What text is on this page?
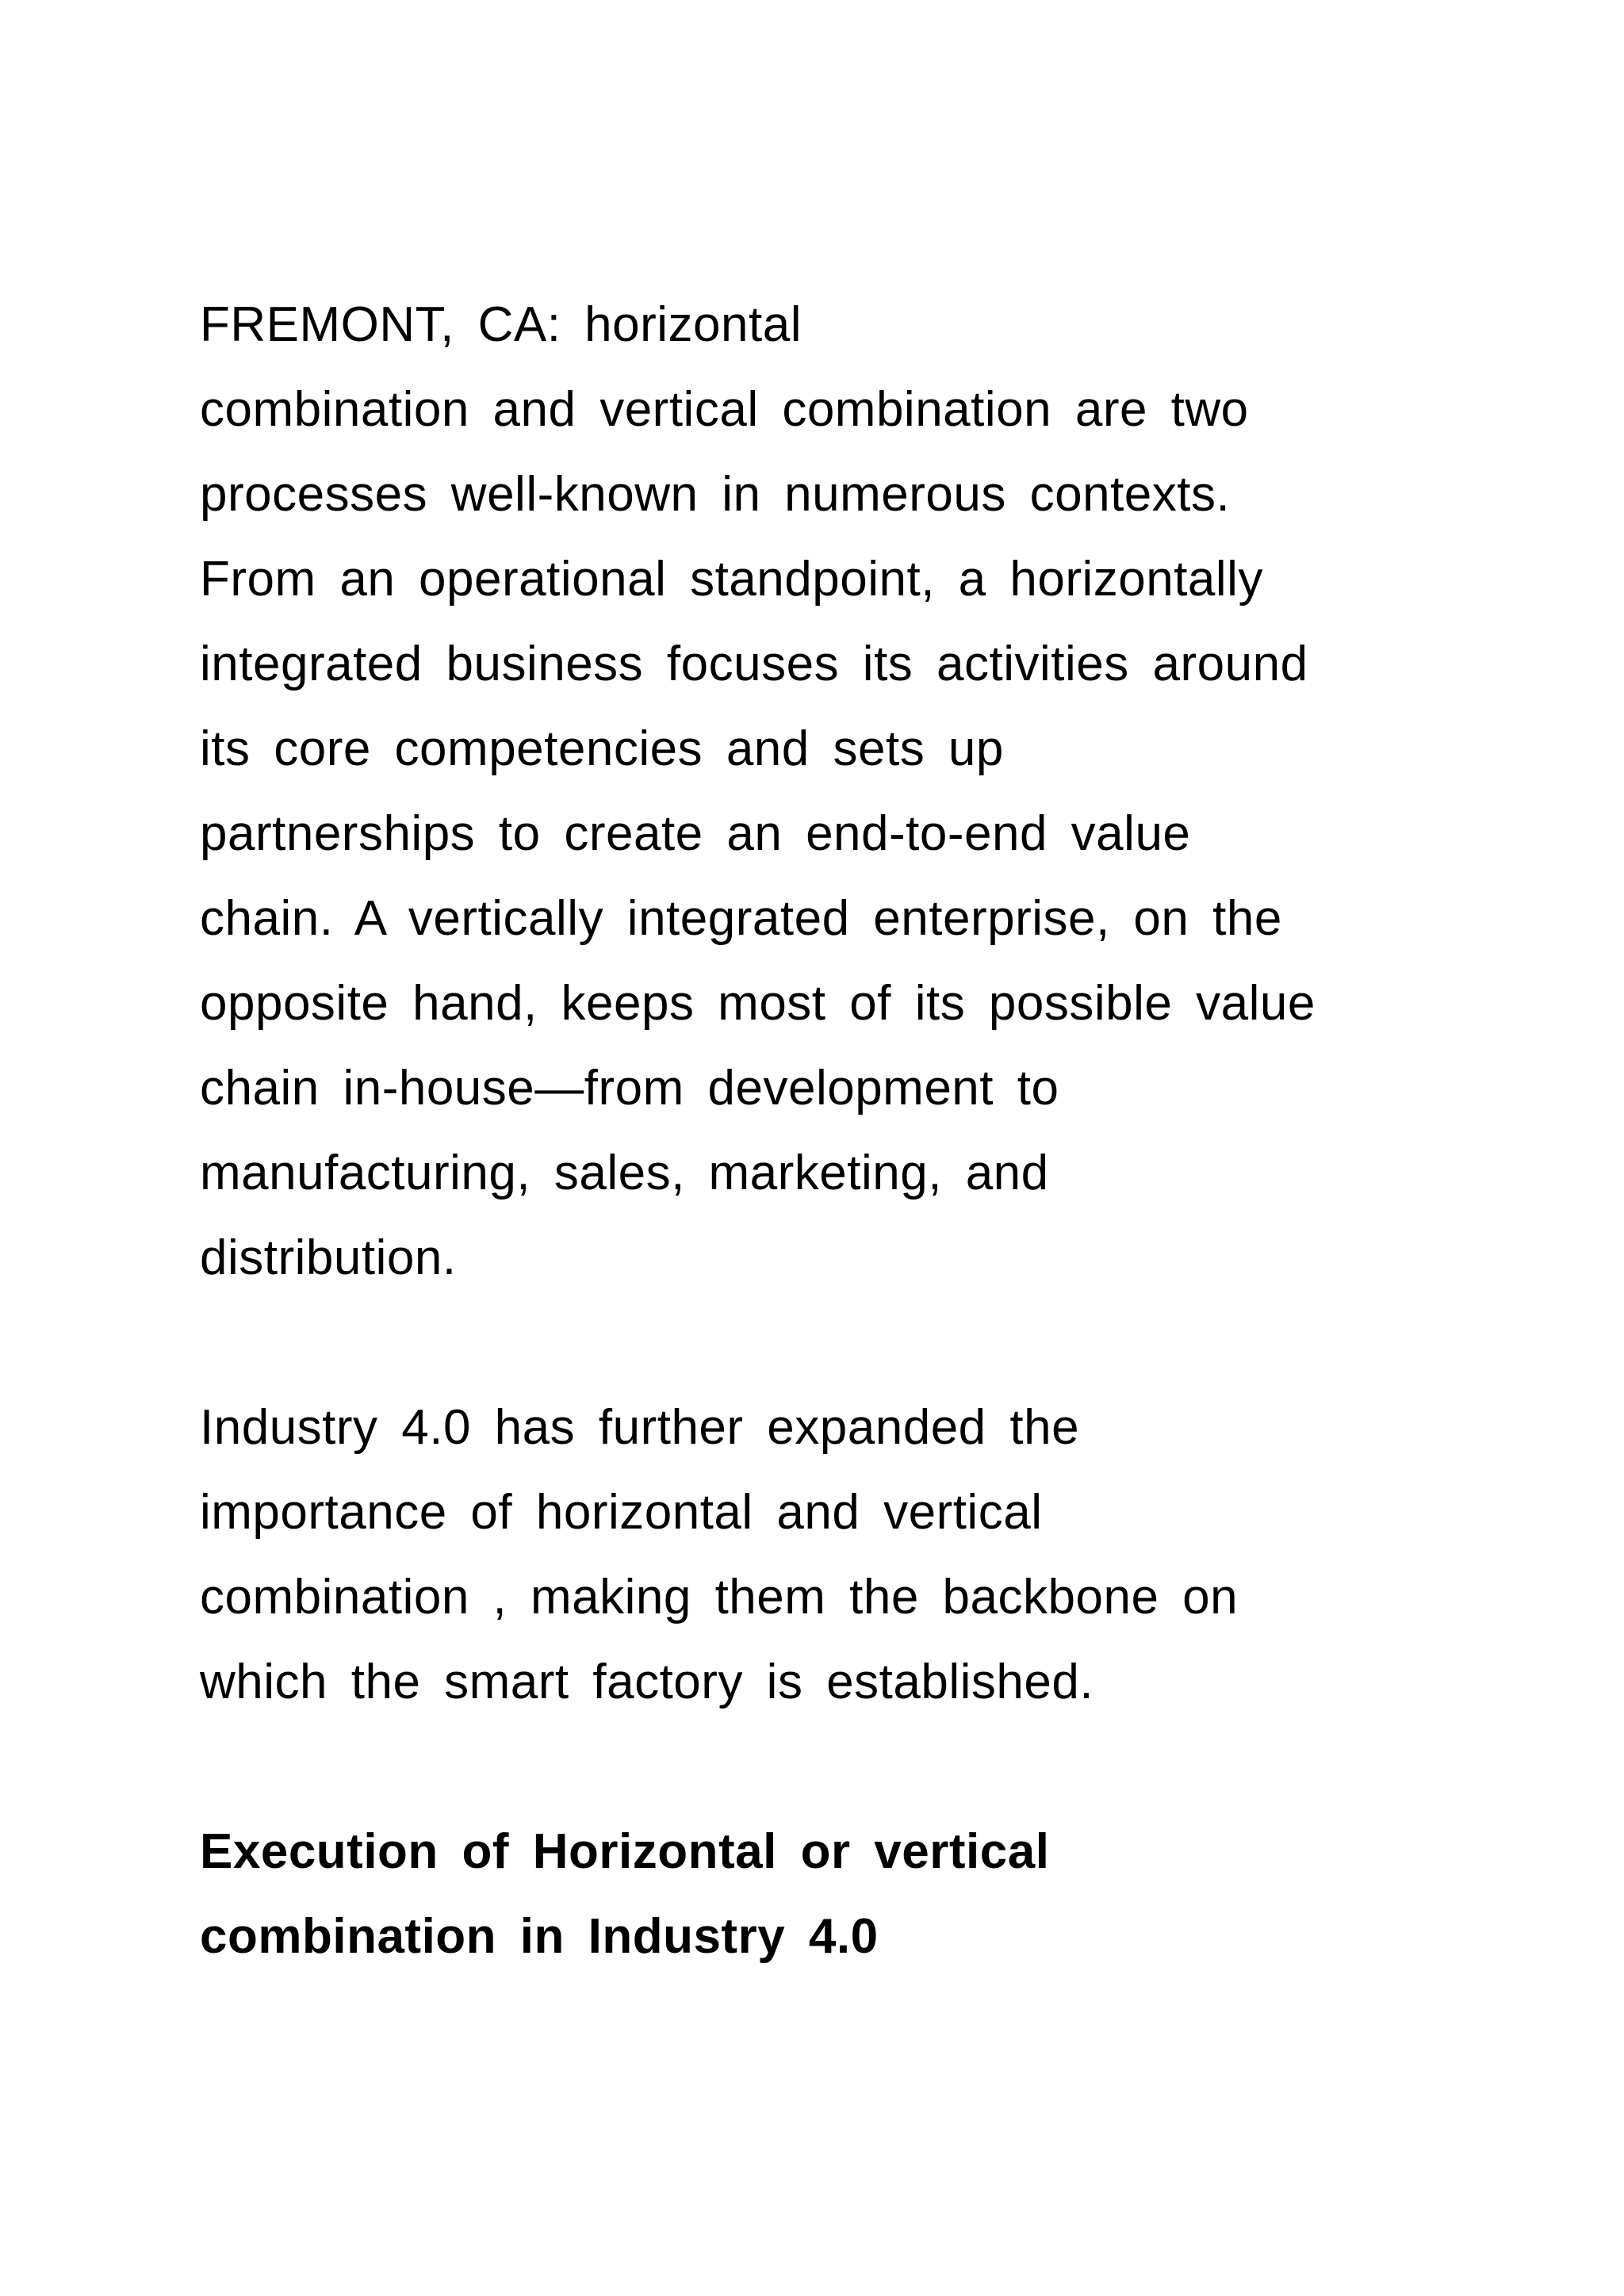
FREMONT, CA: horizontal
combination and vertical combination are two
processes well-known in numerous contexts.
From an operational standpoint, a horizontally
integrated business focuses its activities around
its core competencies and sets up
partnerships to create an end-to-end value
chain. A vertically integrated enterprise, on the
opposite hand, keeps most of its possible value
chain in-house—from development to
manufacturing, sales, marketing, and
distribution.
Industry 4.0 has further expanded the
importance of horizontal and vertical
combination , making them the backbone on
which the smart factory is established.
Execution of Horizontal or vertical
combination in Industry 4.0
